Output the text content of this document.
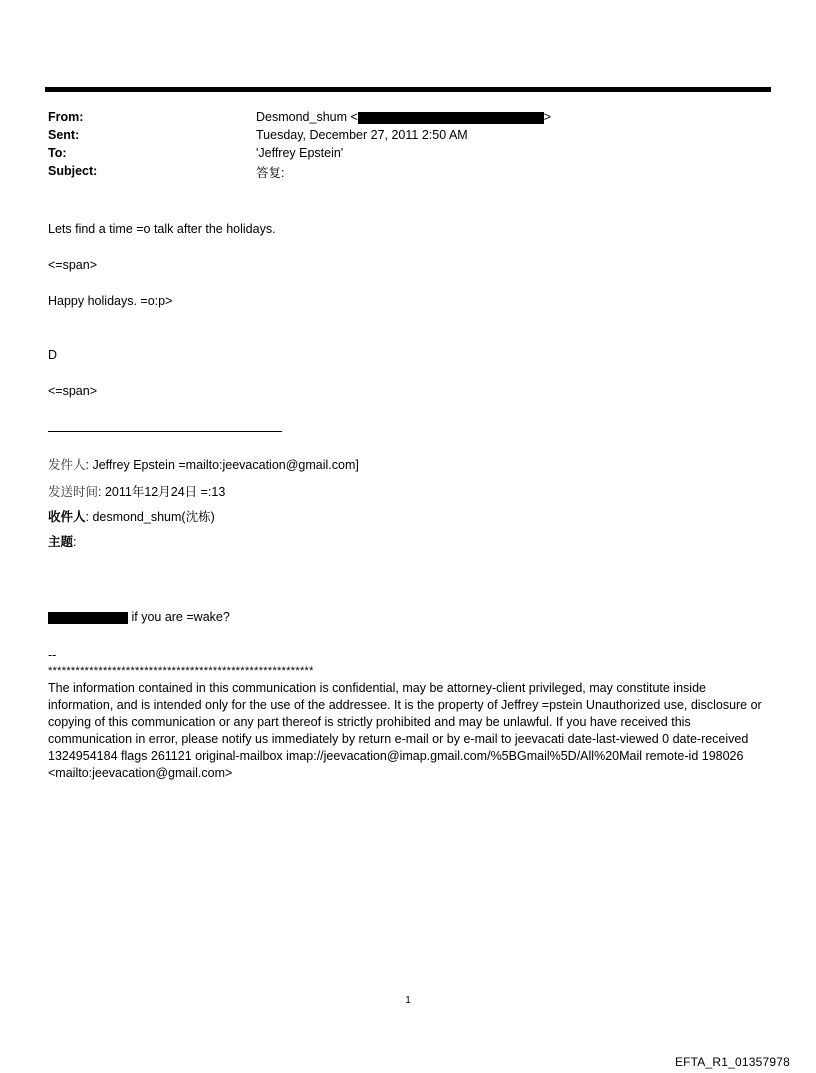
From:	Desmond_shum <	>
Sent:	Tuesday, December 27, 2011 2:50 AM
To:	'Jeffrey Epstein'
Subject:	答复:
Lets find a time =o talk after the holidays.
<=span>
Happy holidays. =o:p>
D
<=span>
发件人: Jeffrey Epstein =mailto:jeevacation@gmail.com]
发送时间: 2011年12月24日 =:13
收件人: desmond_shum(沈栋)
主题:
if you are =wake?
--
**********************************************************
The information contained in this communication is confidential, may be attorney-client privileged, may constitute inside information, and is intended only for the use of the addressee. It is the property of Jeffrey =pstein Unauthorized use, disclosure or copying of this communication or any part thereof is strictly prohibited and may be unlawful. If you have received this communication in error, please notify us immediately by return e-mail or by e-mail to jeevacati date-last-viewed 0 date-received 1324954184 flags 261121 original-mailbox imap://jeevacation@imap.gmail.com/%5BGmail%5D/All%20Mail remote-id 198026 <mailto:jeevacation@gmail.com>
1
EFTA_R1_01357978
